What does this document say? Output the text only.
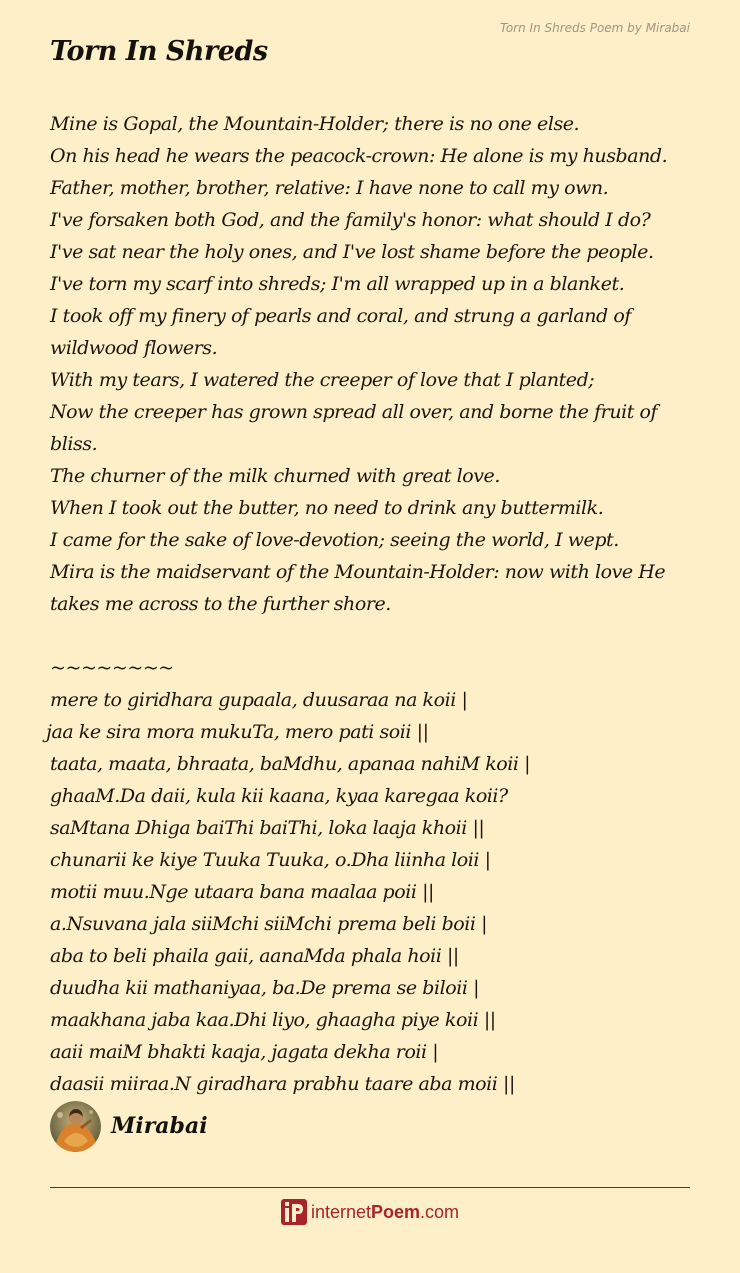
Torn In Shreds Poem by Mirabai
Torn In Shreds
Mine is Gopal, the Mountain-Holder; there is no one else.
On his head he wears the peacock-crown: He alone is my husband.
Father, mother, brother, relative: I have none to call my own.
I've forsaken both God, and the family's honor: what should I do?
I've sat near the holy ones, and I've lost shame before the people.
I've torn my scarf into shreds; I'm all wrapped up in a blanket.
I took off my finery of pearls and coral, and strung a garland of wildwood flowers.
With my tears, I watered the creeper of love that I planted;
Now the creeper has grown spread all over, and borne the fruit of bliss.
The churner of the milk churned with great love.
When I took out the butter, no need to drink any buttermilk.
I came for the sake of love-devotion; seeing the world, I wept.
Mira is the maidservant of the Mountain-Holder: now with love He takes me across to the further shore.
~~~~~~~~
mere to giridhara gupaala, duusaraa na koii |
jaa ke sira mora mukuTa, mero pati soii ||
taata, maata, bhraata, baMdhu, apanaa nahiM koii |
ghaaM.Da daii, kula kii kaana, kyaa karegaa koii?
saMtana Dhiga baiThi baiThi, loka laaja khoii ||
chunarii ke kiye Tuuka Tuuka, o.Dha liinha loii |
motii muu.Nge utaara bana maalaa poii ||
a.Nsuvana jala siiMchi siiMchi prema beli boii |
aba to beli phaila gaii, aanaMda phala hoii ||
duudha kii mathaniyaa, ba.De prema se biloii |
maakhana jaba kaa.Dhi liyo, ghaagha piye koii ||
aaii maiM bhakti kaaja, jagata dekha roii |
daasii miiraa.N giradhara prabhu taare aba moii ||
Mirabai
internetPoem.com
